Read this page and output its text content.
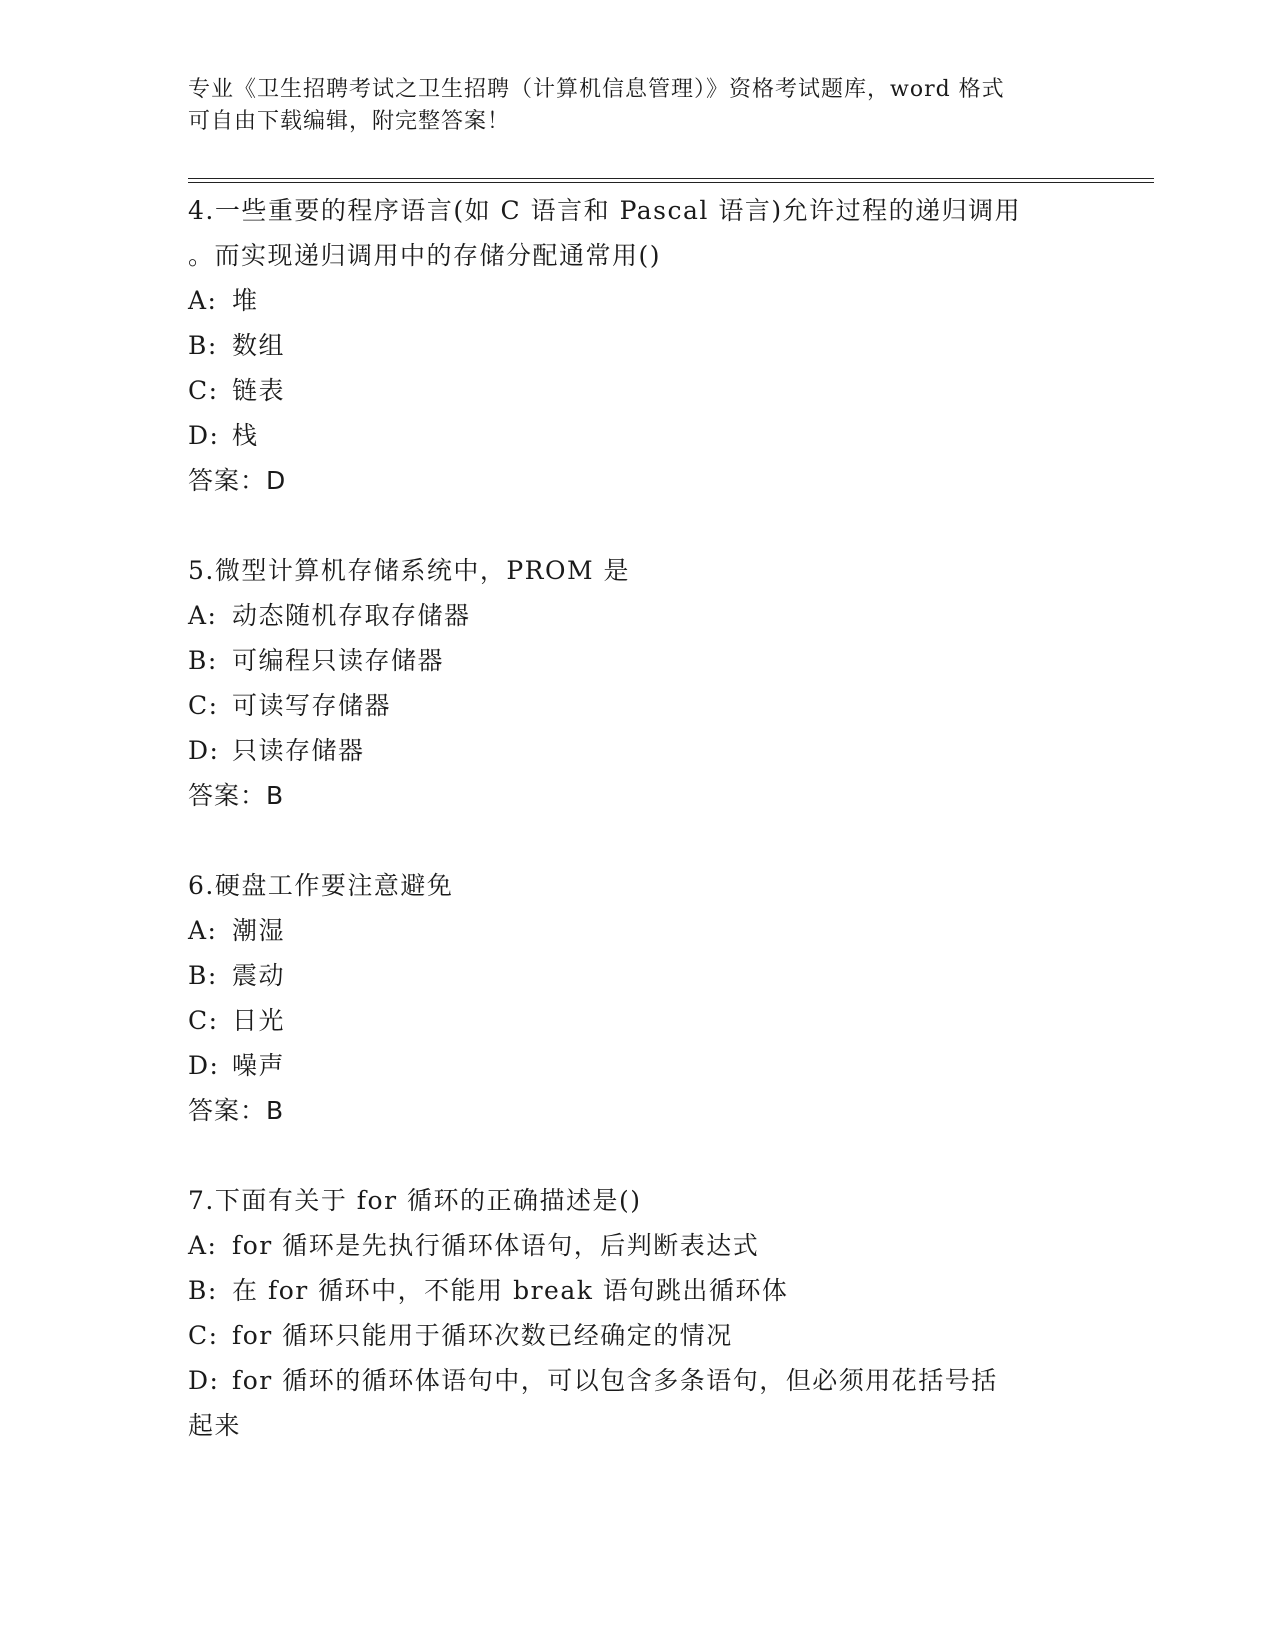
专业《卫生招聘考试之卫生招聘（计算机信息管理）》资格考试题库，word 格式
可自由下载编辑，附完整答案！
4.一些重要的程序语言(如 C 语言和 Pascal 语言)允许过程的递归调用
。而实现递归调用中的存储分配通常用()
A: 堆
B: 数组
C: 链表
D: 栈
答案：D
5.微型计算机存储系统中，PROM 是
A: 动态随机存取存储器
B: 可编程只读存储器
C: 可读写存储器
D: 只读存储器
答案：B
6.硬盘工作要注意避免
A: 潮湿
B: 震动
C: 日光
D: 噪声
答案：B
7.下面有关于 for 循环的正确描述是()
A: for 循环是先执行循环体语句，后判断表达式
B: 在 for 循环中，不能用 break 语句跳出循环体
C: for 循环只能用于循环次数已经确定的情况
D: for 循环的循环体语句中，可以包含多条语句，但必须用花括号括
起来
